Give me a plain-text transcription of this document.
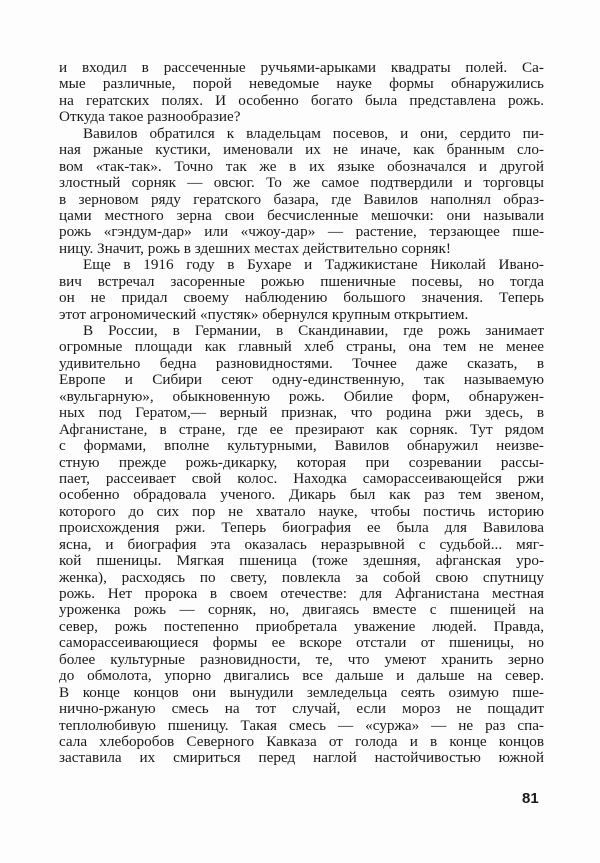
и входил в рассеченные ручьями-арыками квадраты полей. Са-
мые различные, порой неведомые науке формы обнаружились
на гератских полях. И особенно богато была представлена рожь.
Откуда такое разнообразие?
Вавилов обратился к владельцам посевов, и они, сердито пи-
ная ржаные кустики, именовали их не иначе, как бранным сло-
вом «так-так». Точно так же в их языке обозначался и другой
злостный сорняк — овсюг. То же самое подтвердили и торговцы
в зерновом ряду гератского базара, где Вавилов наполнял образ-
цами местного зерна свои бесчисленные мешочки: они называли
рожь «гэндум-дар» или «чжоу-дар» — растение, терзающее пше-
ницу. Значит, рожь в здешних местах действительно сорняк!
Еще в 1916 году в Бухаре и Таджикистане Николай Ивано-
вич встречал засоренные рожью пшеничные посевы, но тогда
он не придал своему наблюдению большого значения. Теперь
этот агрономический «пустяк» обернулся крупным открытием.
В России, в Германии, в Скандинавии, где рожь занимает
огромные площади как главный хлеб страны, она тем не менее
удивительно бедна разновидностями. Точнее даже сказать, в
Европе и Сибири сеют одну-единственную, так называемую
«вульгарную», обыкновенную рожь. Обилие форм, обнаружен-
ных под Гератом,— верный признак, что родина ржи здесь, в
Афганистане, в стране, где ее презирают как сорняк. Тут рядом
с формами, вполне культурными, Вавилов обнаружил неизве-
стную прежде рожь-дикарку, которая при созревании рассы-
пает, рассеивает свой колос. Находка самоpассеивающейся ржи
особенно обрадовала ученого. Дикарь был как раз тем звеном,
которого до сих пор не хватало науке, чтобы постичь историю
происхождения ржи. Теперь биография ее была для Вавилова
ясна, и биография эта оказалась неразрывной с судьбой... мяг-
кой пшеницы. Мягкая пшеница (тоже здешняя, афганская уро-
женка), расходясь по свету, повлекла за собой свою спутницу
рожь. Нет пророка в своем отечестве: для Афганистана местная
уроженка рожь — сорняк, но, двигаясь вместе с пшеницей на
север, рожь постепенно приобретала уважение людей. Правда,
самоpассеивающиеся формы ее вскоре отстали от пшеницы, но
более культурные разновидности, те, что умеют хранить зерно
до обмолота, упорно двигались все дальше и дальше на север.
В конце концов они вынудили земледельца сеять озимую пше-
нично-ржаную смесь на тот случай, если мороз не пощадит
теплолюбивую пшеницу. Такая смесь — «суржа» — не раз спа-
сала хлеборобов Северного Кавказа от голода и в конце концов
заставила их смириться перед наглой настойчивостью южной
81
